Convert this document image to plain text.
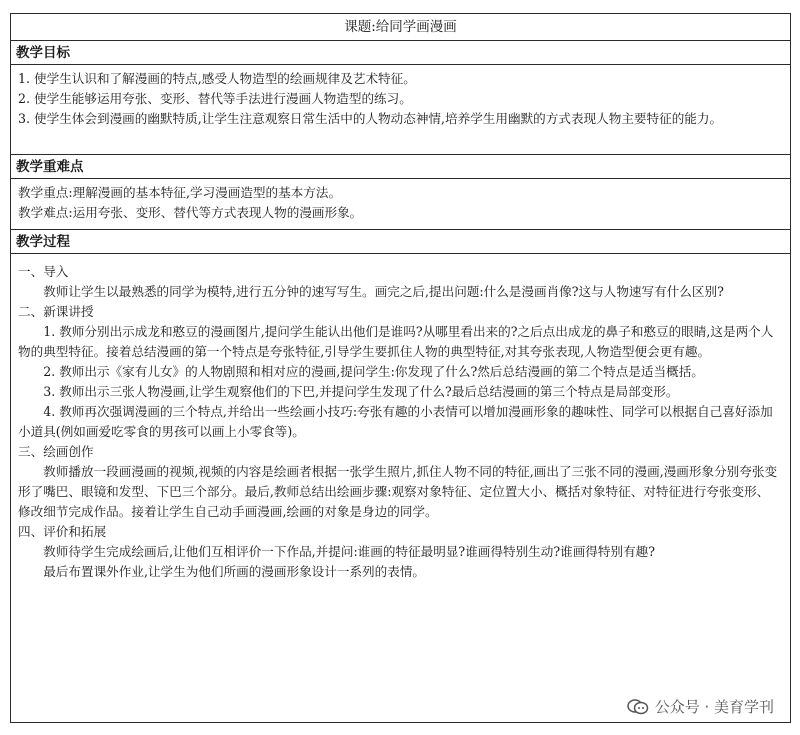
课题:给同学画漫画
教学目标

1. 使学生认识和了解漫画的特点,感受人物造型的绘画规律及艺术特征。

2. 使学生能够运用夸张、变形、替代等手法进行漫画人物造型的练习。

3. 使学生体会到漫画的幽默特质,让学生注意观察日常生活中的人物动态神情,培养学生用幽默的方式表现人物主要特征的能力。

教学重难点

教学重点:理解漫画的基本特征,学习漫画造型的基本方法。

教学难点:运用夸张、变形、替代等方式表现人物的漫画形象。

教学过程

一、导入

教师让学生以最熟悉的同学为模特,进行五分钟的速写写生。画完之后,提出问题:什么是漫画肖像?这与人物速写有什么区别?

二、新课讲授

1. 教师分别出示成龙和憨豆的漫画图片,提问学生能认出他们是谁吗?从哪里看出来的?之后点出成龙的鼻子和憨豆的眼睛,这是两个人物的典型特征。接着总结漫画的第一个特点是夸张特征,引导学生要抓住人物的典型特征,对其夸张表现,人物造型便会更有趣。

2. 教师出示《家有儿女》的人物剧照和相对应的漫画,提问学生:你发现了什么?然后总结漫画的第二个特点是适当概括。

3. 教师出示三张人物漫画,让学生观察他们的下巴,并提问学生发现了什么?最后总结漫画的第三个特点是局部变形。

4. 教师再次强调漫画的三个特点,并给出一些绘画小技巧:夸张有趣的小表情可以增加漫画形象的趣味性、同学可以根据自己喜好添加小道具(例如画爱吃零食的男孩可以画上小零食等)。

三、绘画创作

教师播放一段画漫画的视频,视频的内容是绘画者根据一张学生照片,抓住人物不同的特征,画出了三张不同的漫画,漫画形象分别夸张变形了嘴巴、眼镜和发型、下巴三个部分。最后,教师总结出绘画步骤:观察对象特征、定位置大小、概括对象特征、对特征进行夸张变形、修改细节完成作品。接着让学生自己动手画漫画,绘画的对象是身边的同学。

四、评价和拓展

教师待学生完成绘画后,让他们互相评价一下作品,并提问:谁画的特征最明显?谁画得特别生动?谁画得特别有趣?

最后布置课外作业,让学生为他们所画的漫画形象设计一系列的表情。

公众号 · 美育学刊
